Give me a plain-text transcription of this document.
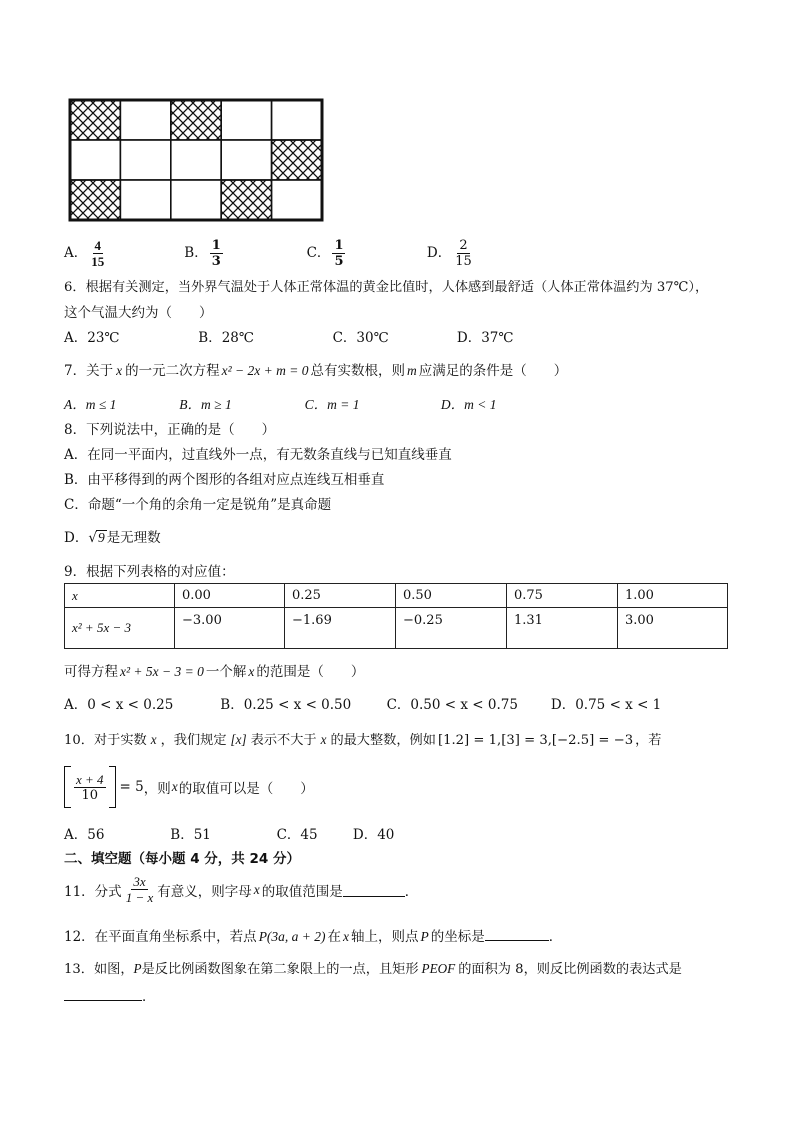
A． $\frac{4}{15}$	B． $\frac{1}{3}$	C． $\frac{1}{5}$	D． $\frac{2}{15}$
6．根据有关测定，当外界气温处于人体正常体温的黄金比值时，人体感到最舒适（人体正常体温约为 37℃），
这个气温大约为（　　）
A．23℃	B．28℃	C．30℃	D．37℃
7．关于 x 的一元二次方程 x² − 2x + m = 0 总有实数根，则 m 应满足的条件是（　　）
A．m ≤ 1	B．m ≥ 1	C．m = 1	D．m < 1
8．下列说法中，正确的是（　　）
A．在同一平面内，过直线外一点，有无数条直线与已知直线垂直
B．由平移得到的两个图形的各组对应点连线互相垂直
C．命题“一个角的余角一定是锐角”是真命题
D．√9 是无理数
9．根据下列表格的对应值：
x	0.00	0.25	0.50	0.75	1.00
x² + 5x − 3	−3.00	−1.69	−0.25	1.31	3.00
可得方程 x² + 5x − 3 = 0 一个解 x 的范围是（　　）
A．0 < x < 0.25	B．0.25 < x < 0.50	C．0.50 < x < 0.75 D．0.75 < x < 1
10．对于实数 x ，我们规定 [x] 表示不大于 x 的最大整数，例如 [1.2] = 1,[3] = 3,[−2.5] = −3 ，若
$\frac{x + 4}{10} = 5$ ，则 x 的取值可以是（　　）
A．56	B．51	C．45	D．40
二、填空题（每小题 4 分，共 24 分）
11．分式 $\frac{3x}{1 - x}$ 有意义，则字母 x 的取值范围是	．
12．在平面直角坐标系中，若点 P(3a, a + 2) 在 x 轴上，则点 P 的坐标是	．
13．如图，P是反比例函数图象在第二象限上的一点，且矩形 PEOF 的面积为 8，则反比例函数的表达式是
．
